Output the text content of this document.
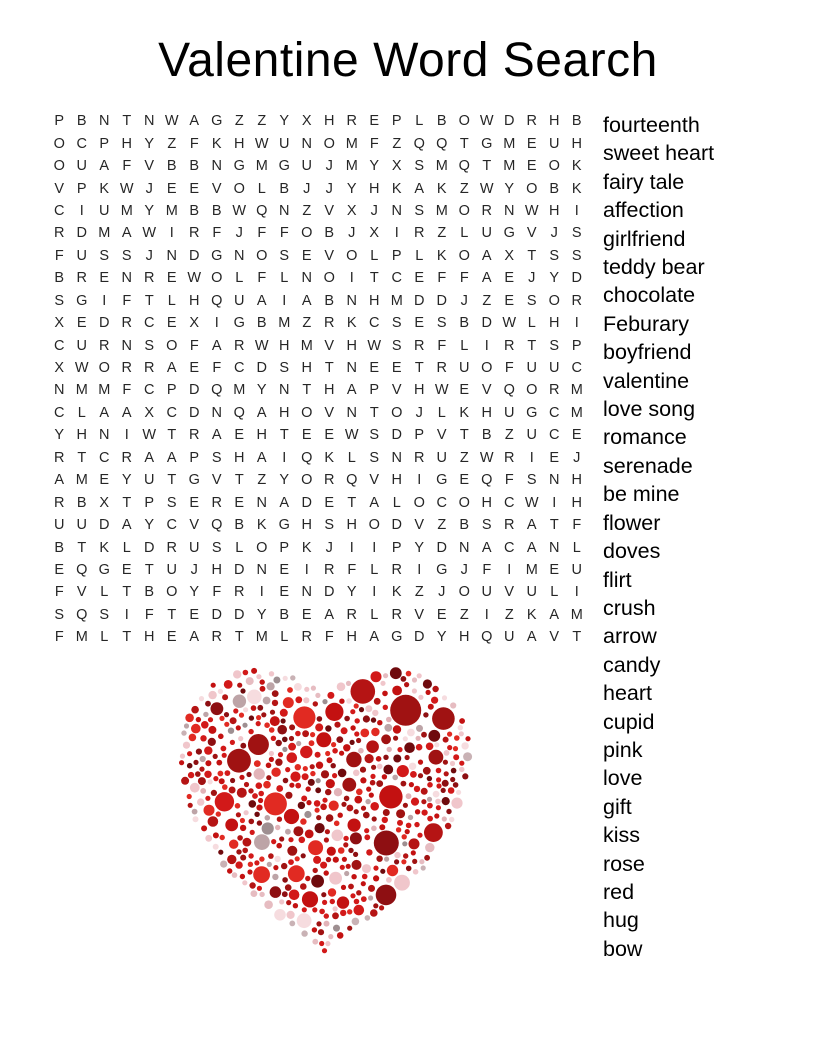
Valentine Word Search
P B N T N W A G Z Z Y X H R E P L B O W D R H B
O C P H Y Z F K H W U N O M F Z Q Q T G M E U H
O U A F V B B N G M G U J M Y X S M Q T M E O K
V P K W J E E V O L B J	J Y H K A K Z W Y O B K
C	I	U M Y M B B W Q N Z V X J N S M O R N W H	I
R D M A W I	R F J F F O B J X	I	R Z L U G V J S
F U S S J N D G N O S E V O L P L K O A X T S S
B R E N R E W O L F L N O	I	T C E F F A E J Y D
S G	I	F T L H Q U A	I	A B N H M D D J Z E S O R
X E D R C E X	I	G B M Z R K C S E S B D W L H	I
C U R N S O F A R W H M V H W S R F L	I	R T S P
X W O R R A E F C D S H T N E E T R U O F U U C
N M M F C P D Q M Y N T H A P V H W E V Q O R M
C L A A X C D N Q A H O V N T O J	L K H U G C M
Y H N	I W T R A E H T E E W S D P V T B Z U C E
R T C R A A P S H A	I	Q K L S N R U Z W R	I	E J
A M E Y U T G V T Z Y O R Q V H	I	G E Q F S N H
R B X T P S E R E N A D E T A L O C O H C W I	H
U U D A Y C V Q B K G H S H O D V Z B S R A T F
B T K L D R U S L O P K J	I	I	P Y D N A C A N L
E Q G E T U J H D N E	I	R F L R	I	G J F	I M E U
F V L T B O Y F R	I	E N D Y	I	K Z J O U V U L	I
S Q S	I	F T E D D Y B E A R L R V E Z	I	Z K A M
F M L T H E A R T M L R F H A G D Y H Q U A V T
fourteenth
sweet heart
fairy tale
affection
girlfriend
teddy bear
chocolate
Feburary
boyfriend
valentine
love song
romance
serenade
be mine
flower
doves
flirt
crush
arrow
candy
heart
cupid
pink
love
gift
kiss
rose
red
hug
bow
